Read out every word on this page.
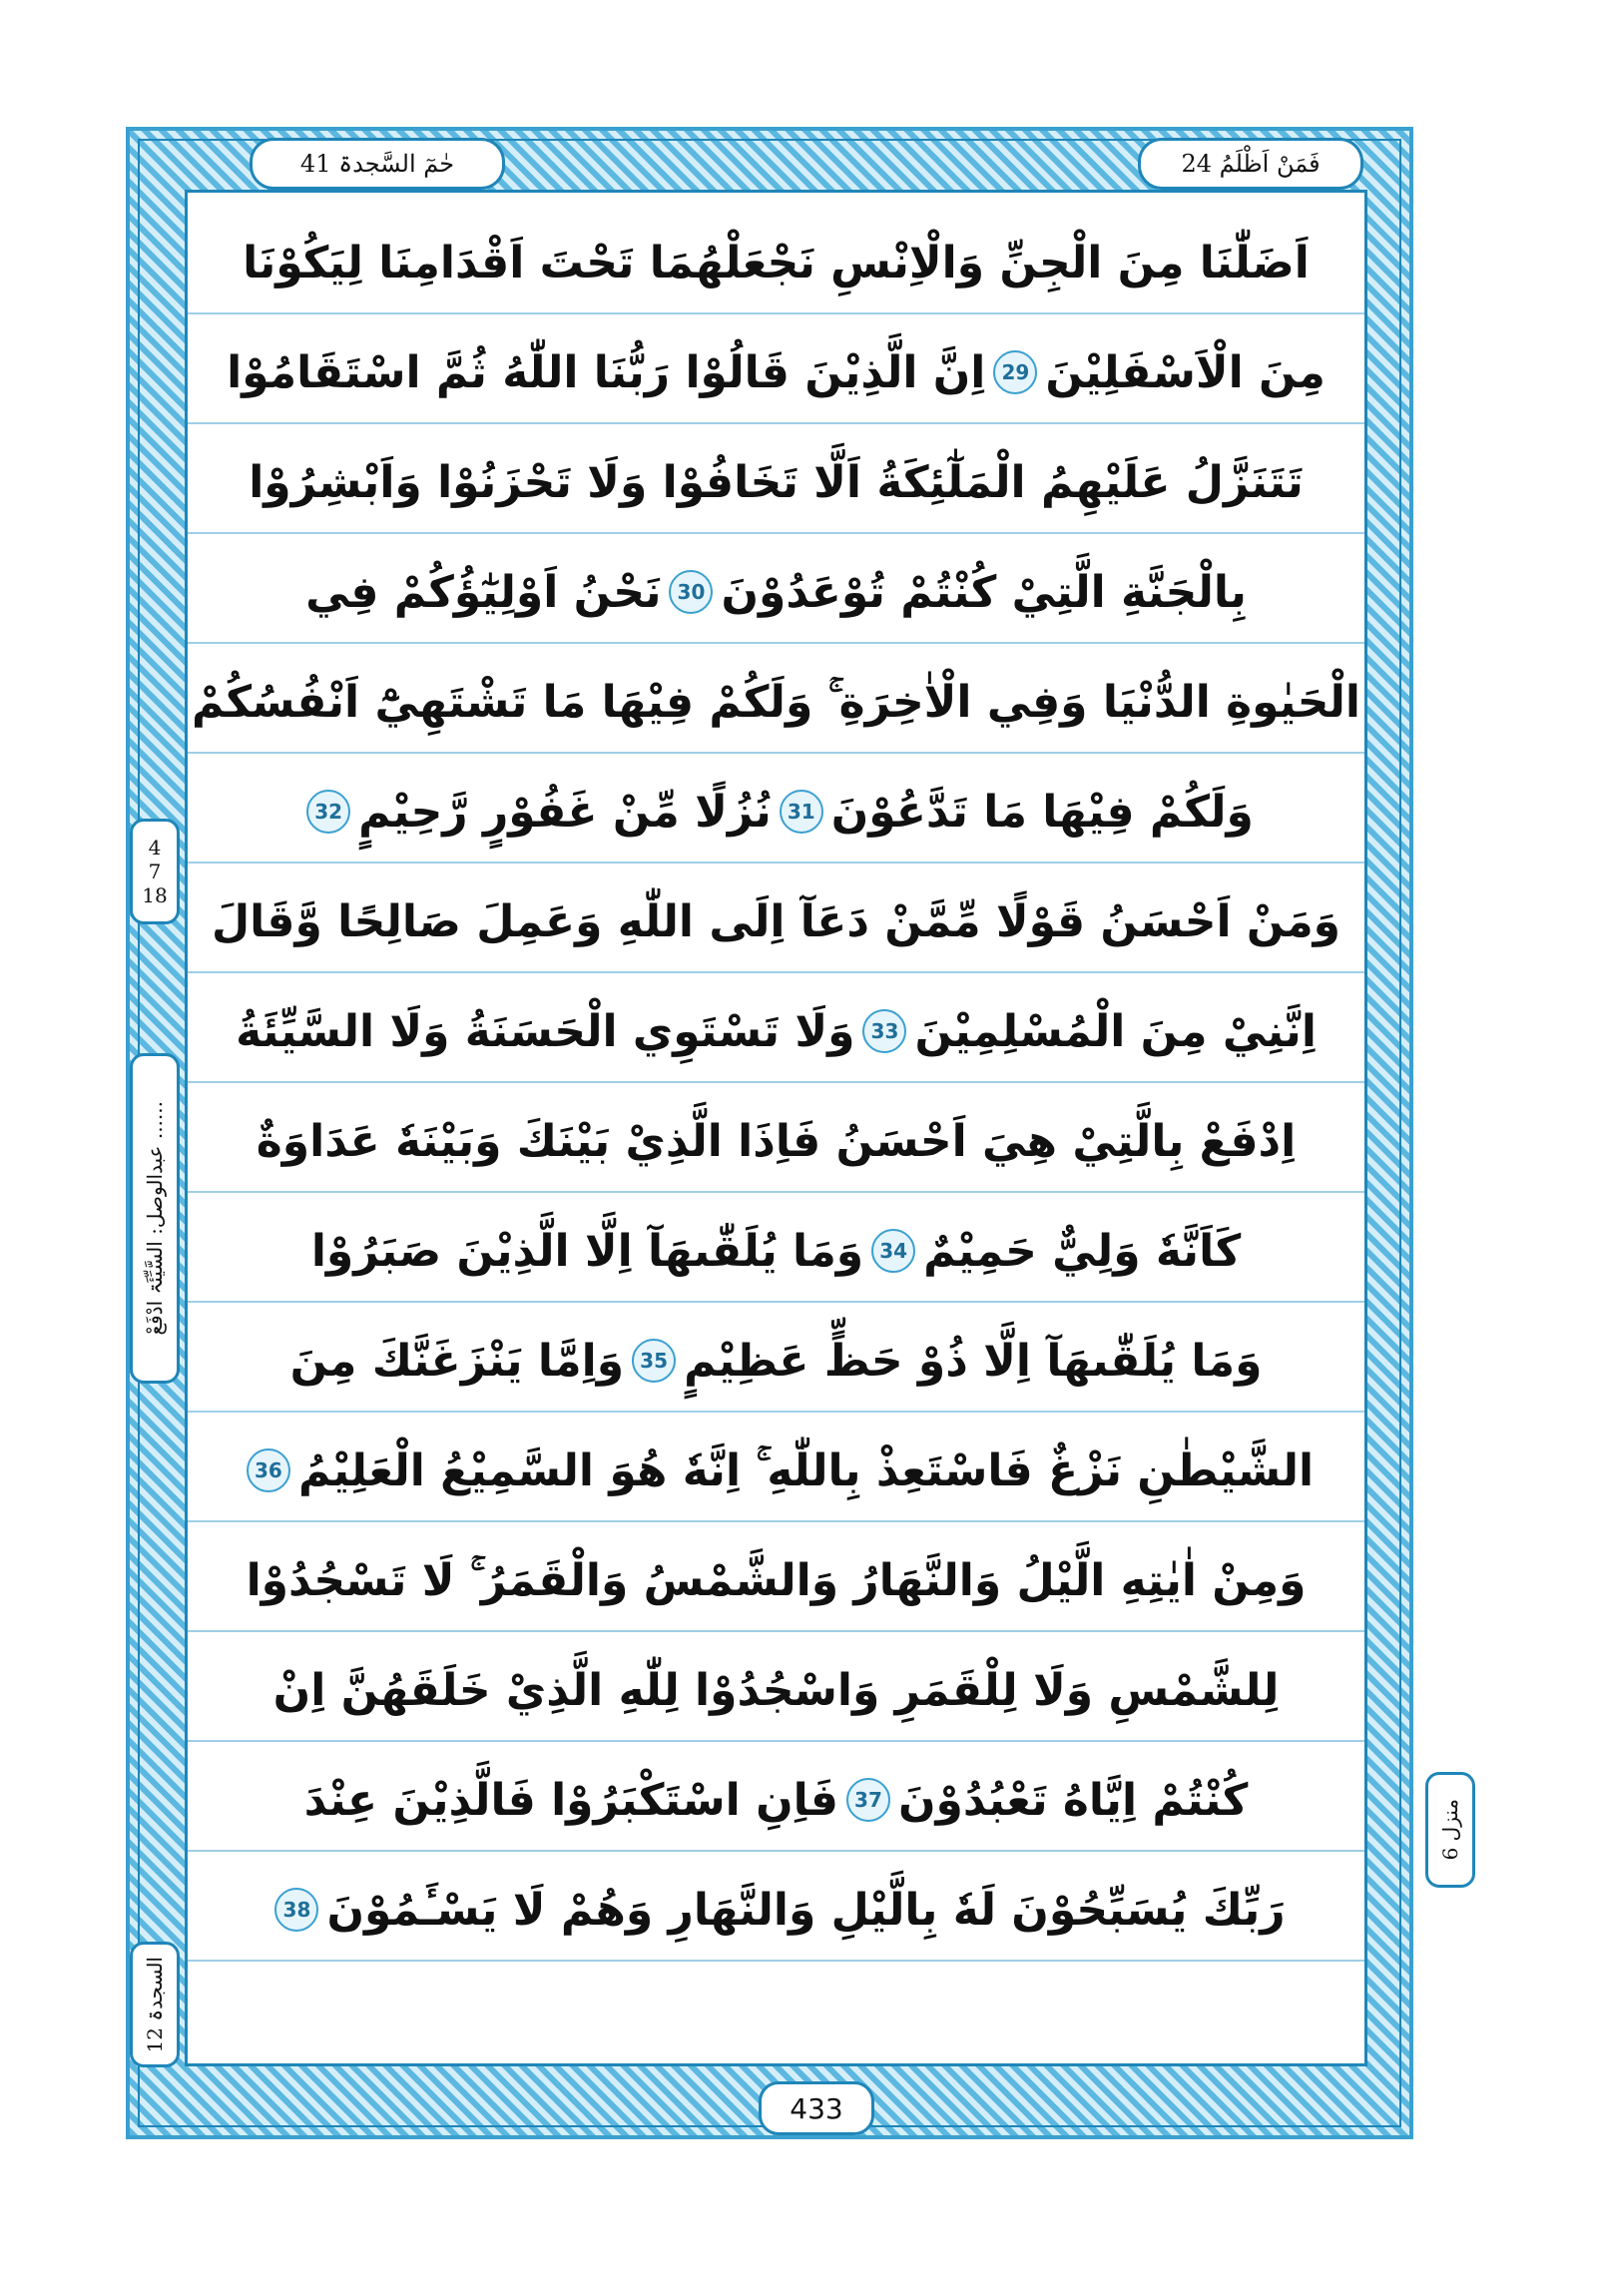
حٰمٓ السَّجدۃ 41	فَمَنْ اَظْلَمُ 24
4
7
18
عبدالوصل: السَّیِّئَۃ ادْفَعْ ......
منزل 6
السجدۃ 12
اَضَلّٰنَا مِنَ الْجِنِّ وَالْاِنْسِ نَجْعَلْهُمَا تَحْتَ اَقْدَامِنَا لِيَكُوْنَا
مِنَ الْاَسْفَلِيْنَ
29
اِنَّ الَّذِيْنَ قَالُوْا رَبُّنَا اللّٰهُ ثُمَّ اسْتَقَامُوْا
تَتَنَزَّلُ عَلَيْهِمُ الْمَلٰٓئِكَةُ اَلَّا تَخَافُوْا وَلَا تَحْزَنُوْا وَاَبْشِرُوْا
بِالْجَنَّةِ الَّتِيْ كُنْتُمْ تُوْعَدُوْنَ
30
نَحْنُ اَوْلِيٰٓؤُكُمْ فِي
الْحَيٰوةِ الدُّنْيَا وَفِي الْاٰخِرَةِ ۚ وَلَكُمْ فِيْهَا مَا تَشْتَهِيْٓ اَنْفُسُكُمْ
وَلَكُمْ فِيْهَا مَا تَدَّعُوْنَ
31
نُزُلًا مِّنْ غَفُوْرٍ رَّحِيْمٍ
32
وَمَنْ اَحْسَنُ قَوْلًا مِّمَّنْ دَعَآ اِلَى اللّٰهِ وَعَمِلَ صَالِحًا وَّقَالَ
اِنَّنِيْ مِنَ الْمُسْلِمِيْنَ
33
وَلَا تَسْتَوِي الْحَسَنَةُ وَلَا السَّيِّئَةُ
اِدْفَعْ بِالَّتِيْ هِيَ اَحْسَنُ فَاِذَا الَّذِيْ بَيْنَكَ وَبَيْنَهٗ عَدَاوَةٌ
كَاَنَّهٗ وَلِيٌّ حَمِيْمٌ
34
وَمَا يُلَقّٰىهَآ اِلَّا الَّذِيْنَ صَبَرُوْا
وَمَا يُلَقّٰىهَآ اِلَّا ذُوْ حَظٍّ عَظِيْمٍ
35
وَاِمَّا يَنْزَغَنَّكَ مِنَ
الشَّيْطٰنِ نَزْغٌ فَاسْتَعِذْ بِاللّٰهِ ۚ اِنَّهٗ هُوَ السَّمِيْعُ الْعَلِيْمُ
36
وَمِنْ اٰيٰتِهِ الَّيْلُ وَالنَّهَارُ وَالشَّمْسُ وَالْقَمَرُ ۚ لَا تَسْجُدُوْا
لِلشَّمْسِ وَلَا لِلْقَمَرِ وَاسْجُدُوْا لِلّٰهِ الَّذِيْ خَلَقَهُنَّ اِنْ
كُنْتُمْ اِيَّاهُ تَعْبُدُوْنَ
37
فَاِنِ اسْتَكْبَرُوْا فَالَّذِيْنَ عِنْدَ
رَبِّكَ يُسَبِّحُوْنَ لَهٗ بِالَّيْلِ وَالنَّهَارِ وَهُمْ لَا يَسْـَٔمُوْنَ
38
433
